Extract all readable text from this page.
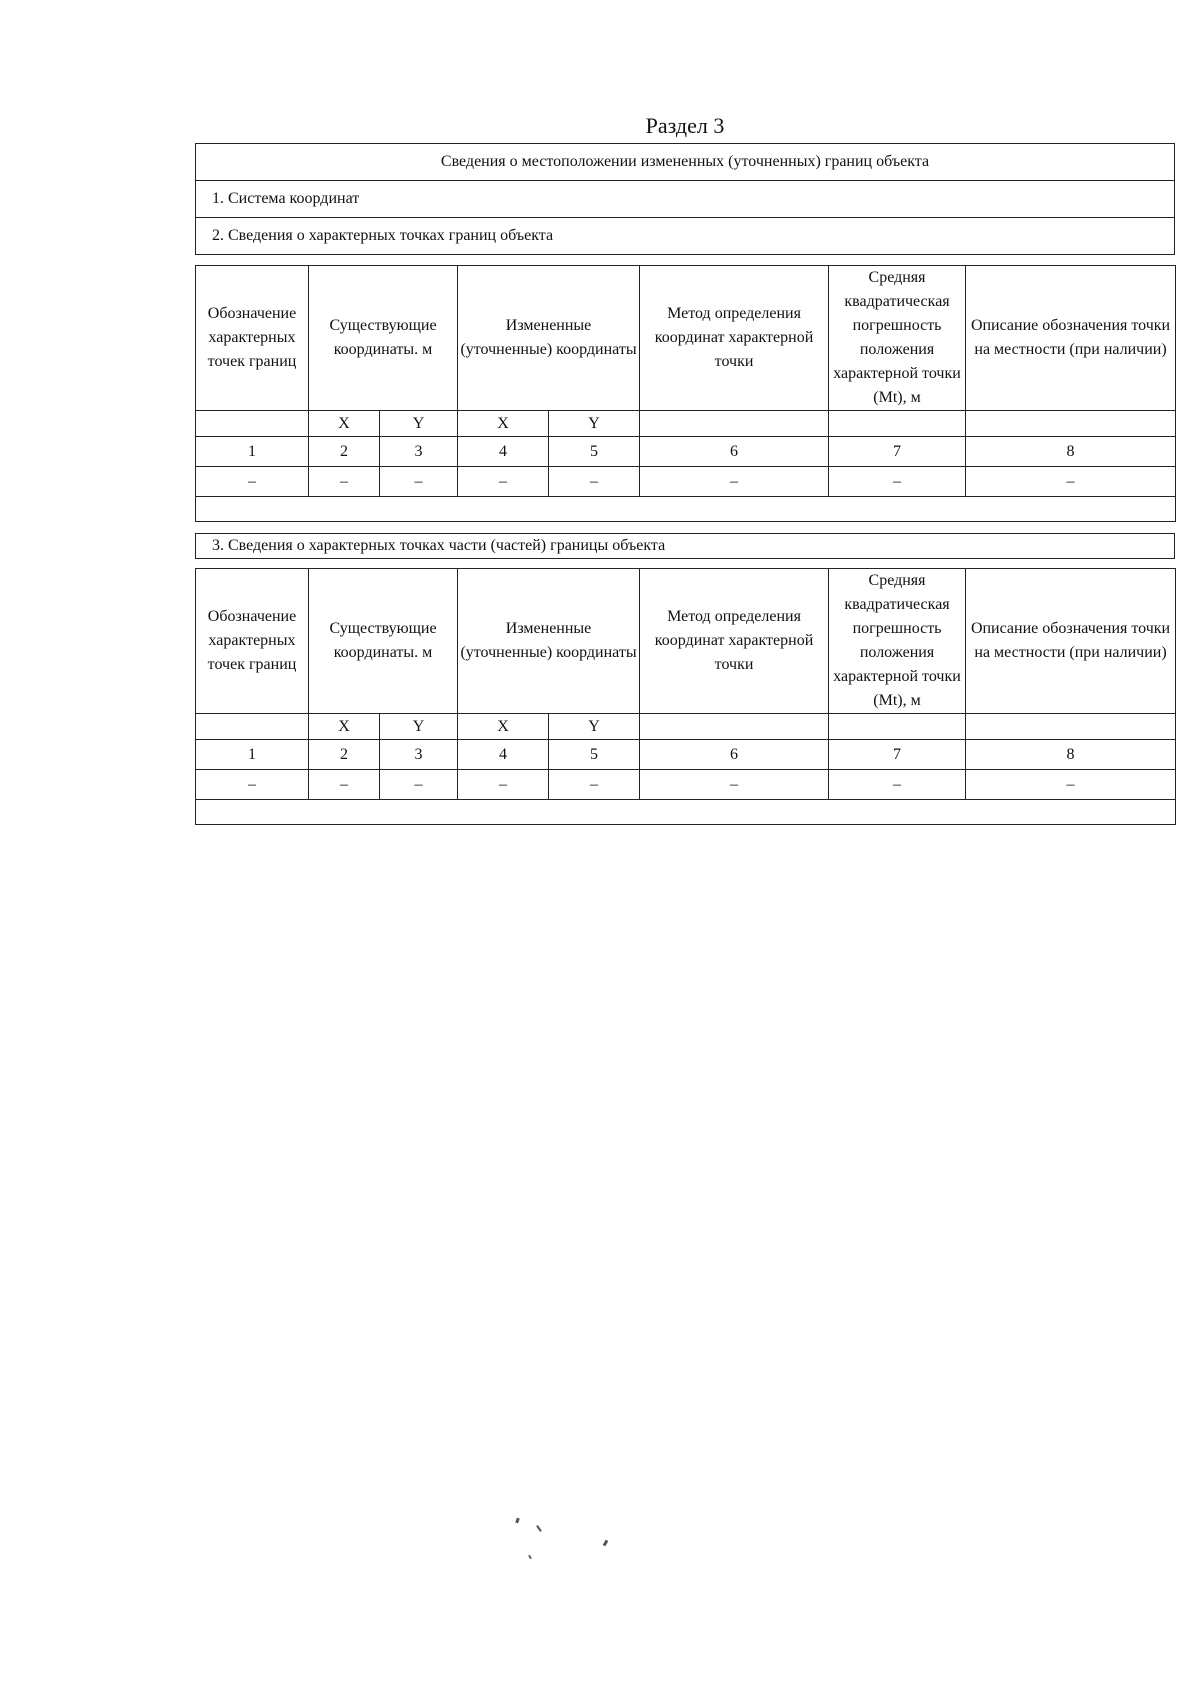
Раздел 3
Сведения о местоположении измененных (уточненных) границ объекта
1. Система координат
2. Сведения о характерных точках границ объекта
Обозначение характерных точек границ	Существующие координаты. м		Измененные (уточненные) координаты		Метод определения координат характерной точки	Средняя квадратическая погрешность положения характерной точки (Mt), м	Описание обозначения точки на местности (при наличии)
	X	Y	X	Y			
1	2	3	4	5	6	7	8
–	–	–	–	–	–	–	–

3. Сведения о характерных точках части (частей) границы объекта
Обозначение характерных точек границ	Существующие координаты. м		Измененные (уточненные) координаты		Метод определения координат характерной точки	Средняя квадратическая погрешность положения характерной точки (Mt), м	Описание обозначения точки на местности (при наличии)
	X	Y	X	Y			
1	2	3	4	5	6	7	8
–	–	–	–	–	–	–	–
